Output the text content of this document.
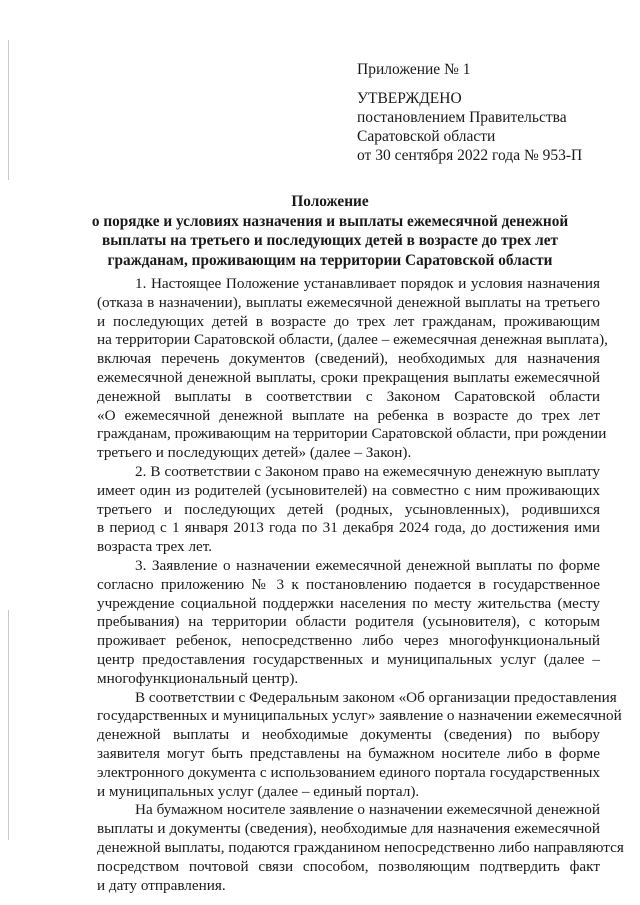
Приложение № 1
УТВЕРЖДЕНО
постановлением Правительства
Саратовской области
от 30 сентября 2022 года № 953-П
Положение
о порядке и условиях назначения и выплаты ежемесячной денежной
выплаты на третьего и последующих детей в возрасте до трех лет
гражданам, проживающим на территории Саратовской области
1. Настоящее Положение устанавливает порядок и условия назначения
(отказа в назначении), выплаты ежемесячной денежной выплаты на третьего
и последующих детей в возрасте до трех лет гражданам, проживающим
на территории Саратовской области, (далее – ежемесячная денежная выплата),
включая перечень документов (сведений), необходимых для назначения
ежемесячной денежной выплаты, сроки прекращения выплаты ежемесячной
денежной выплаты в соответствии с Законом Саратовской области
«О ежемесячной денежной выплате на ребенка в возрасте до трех лет
гражданам, проживающим на территории Саратовской области, при рождении
третьего и последующих детей» (далее – Закон).
2. В соответствии с Законом право на ежемесячную денежную выплату
имеет один из родителей (усыновителей) на совместно с ним проживающих
третьего и последующих детей (родных, усыновленных), родившихся
в период с 1 января 2013 года по 31 декабря 2024 года, до достижения ими
возраста трех лет.
3. Заявление о назначении ежемесячной денежной выплаты по форме
согласно приложению № 3 к постановлению подается в государственное
учреждение социальной поддержки населения по месту жительства (месту
пребывания) на территории области родителя (усыновителя), с которым
проживает ребенок, непосредственно либо через многофункциональный
центр предоставления государственных и муниципальных услуг (далее –
многофункциональный центр).
В соответствии с Федеральным законом «Об организации предоставления
государственных и муниципальных услуг» заявление о назначении ежемесячной
денежной выплаты и необходимые документы (сведения) по выбору
заявителя могут быть представлены на бумажном носителе либо в форме
электронного документа с использованием единого портала государственных
и муниципальных услуг (далее – единый портал).
На бумажном носителе заявление о назначении ежемесячной денежной
выплаты и документы (сведения), необходимые для назначения ежемесячной
денежной выплаты, подаются гражданином непосредственно либо направляются
посредством почтовой связи способом, позволяющим подтвердить факт
и дату отправления.
